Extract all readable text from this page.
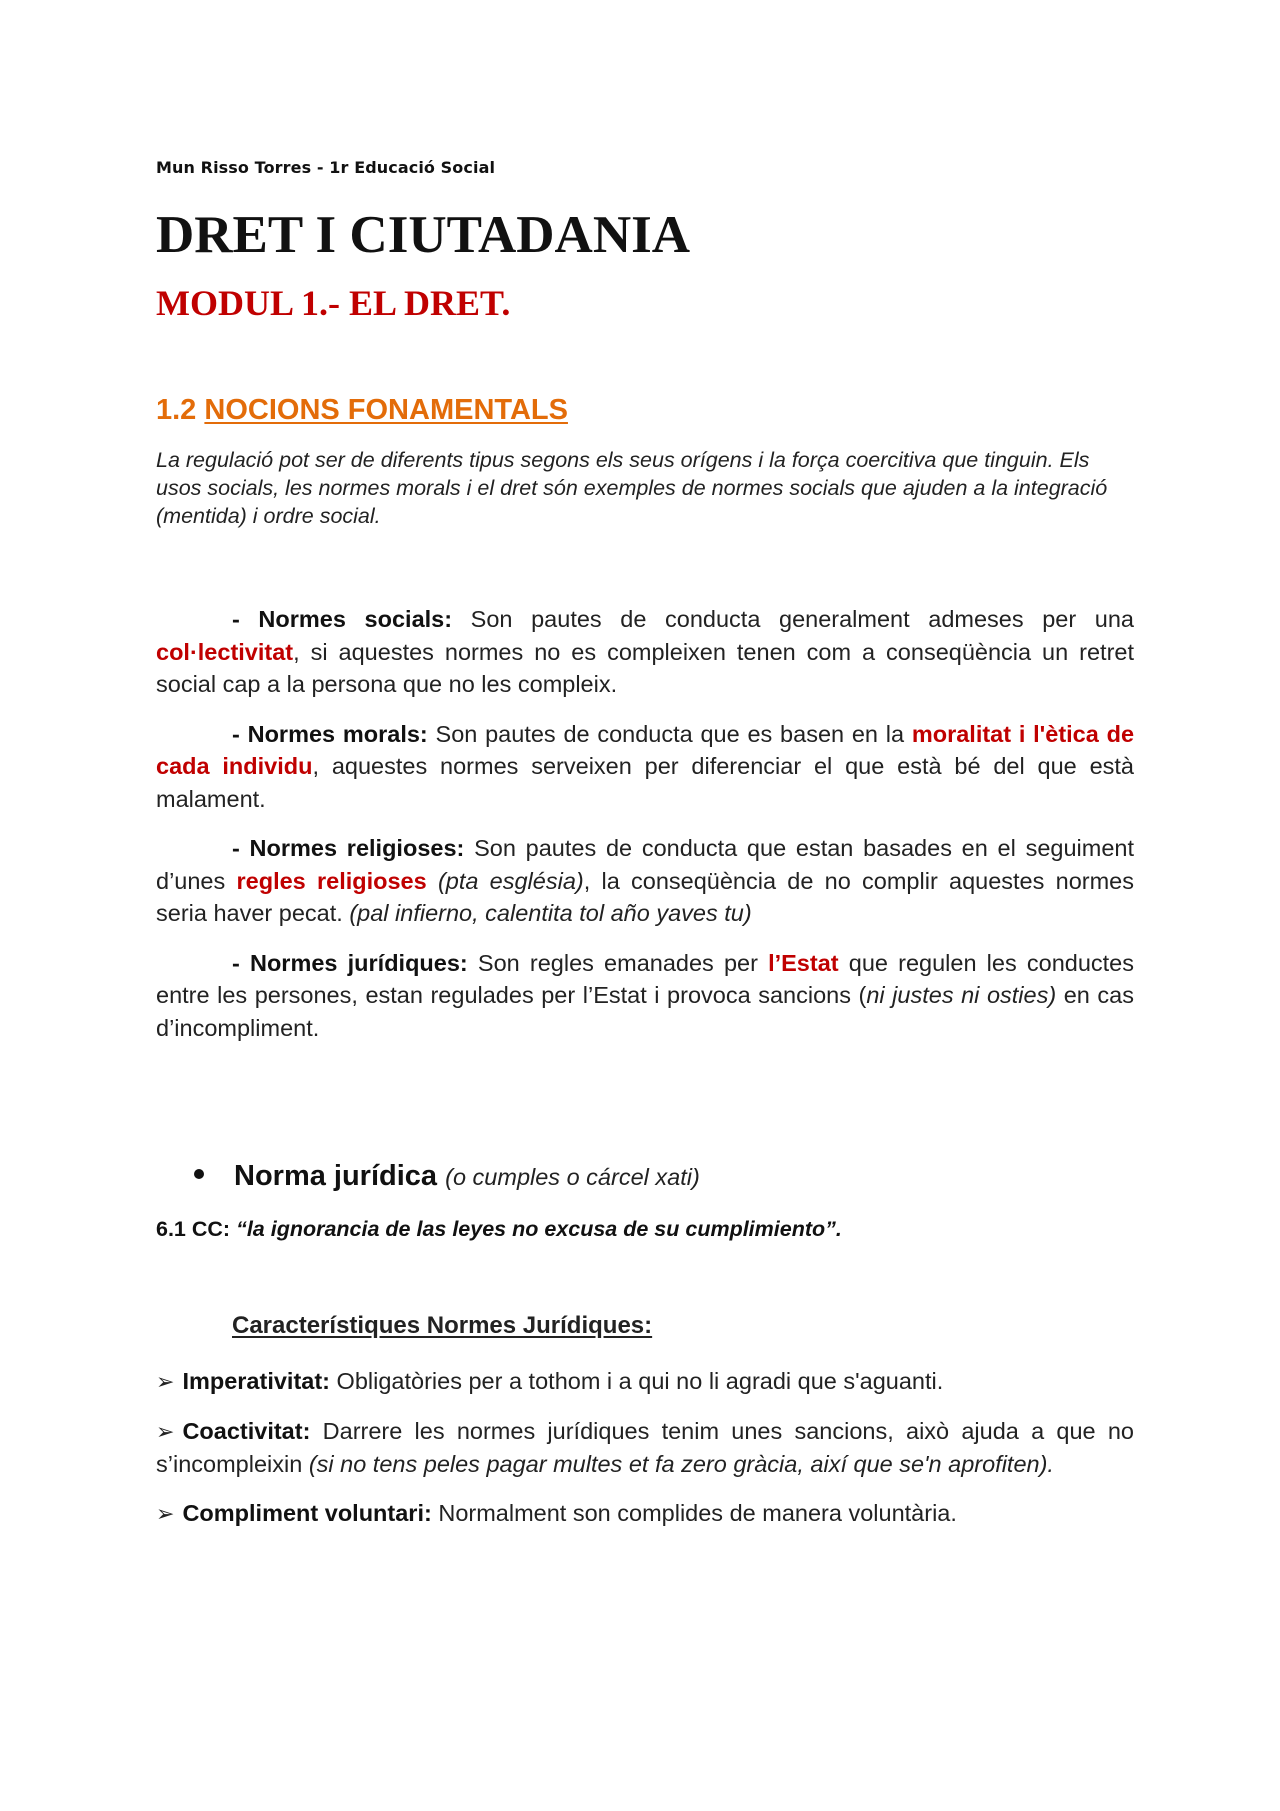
Mun Risso Torres - 1r Educació Social
DRET I CIUTADANIA
MODUL 1.- EL DRET.
1.2 NOCIONS FONAMENTALS

La regulació pot ser de diferents tipus segons els seus orígens i la força coercitiva que tinguin. Els usos socials, les normes morals i el dret són exemples de normes socials que ajuden a la integració (mentida) i ordre social.

- Normes socials: Son pautes de conducta generalment admeses per una col·lectivitat, si aquestes normes no es compleixen tenen com a conseqüència un retret social cap a la persona que no les compleix.

- Normes morals: Son pautes de conducta que es basen en la moralitat i l'ètica de cada individu, aquestes normes serveixen per diferenciar el que està bé del que està malament.

- Normes religioses: Son pautes de conducta que estan basades en el seguiment d’unes regles religioses (pta església), la conseqüència de no complir aquestes normes seria haver pecat. (pal infierno, calentita tol año yaves tu)

- Normes jurídiques: Son regles emanades per l’Estat que regulen les conductes entre les persones, estan regulades per l’Estat i provoca sancions (ni justes ni osties) en cas d’incompliment.

Norma jurídica (o cumples o cárcel xati)
6.1 CC: “la ignorancia de las leyes no excusa de su cumplimiento”.
Característiques Normes Jurídiques:

➢ Imperativitat: Obligatòries per a tothom i a qui no li agradi que s'aguanti.

➢ Coactivitat: Darrere les normes jurídiques tenim unes sancions, això ajuda a que no s’incompleixin (si no tens peles pagar multes et fa zero gràcia, així que se'n aprofiten).

➢ Compliment voluntari: Normalment son complides de manera voluntària.
